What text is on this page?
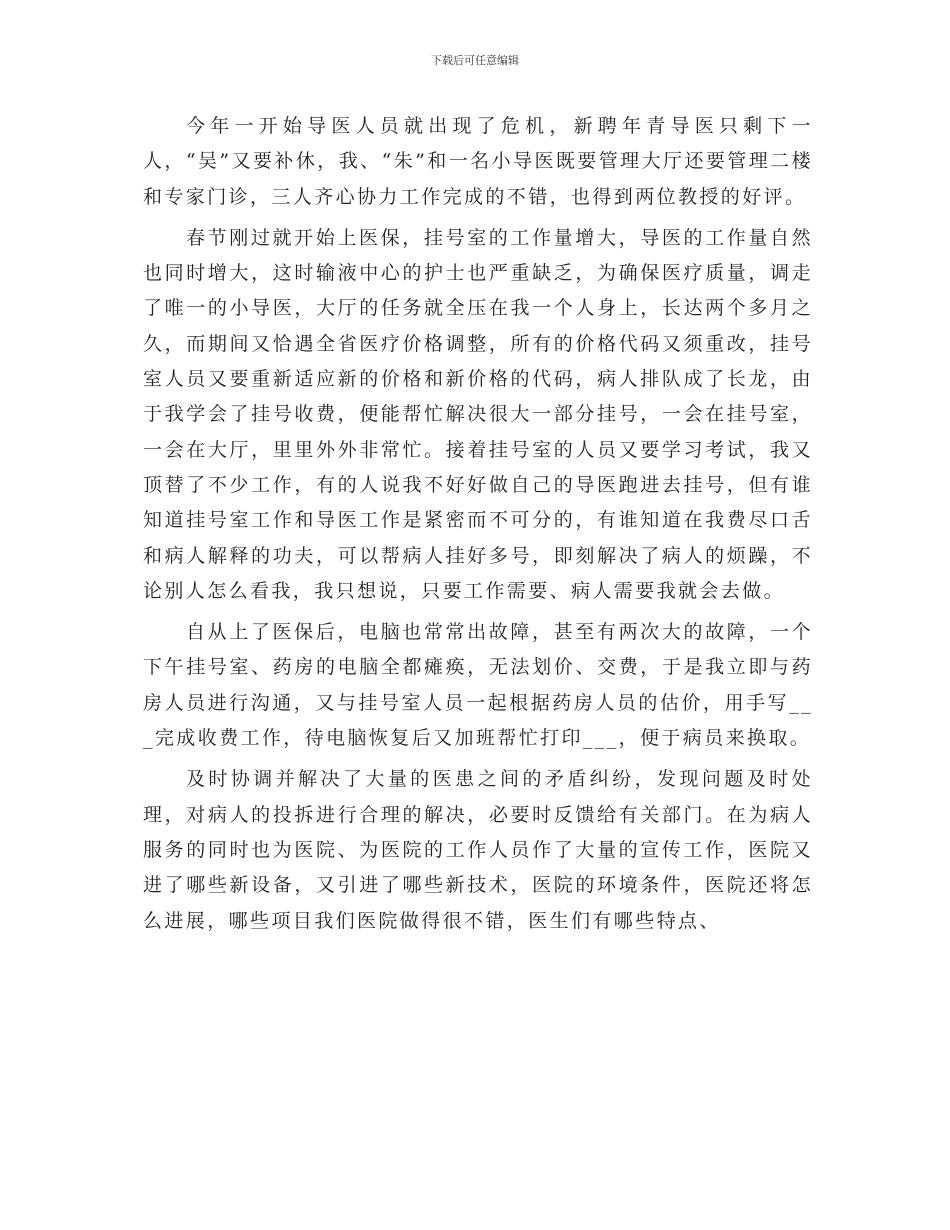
下载后可任意编辑

今年一开始导医人员就出现了危机，新聘年青导医只剩下一人，“吴”又要补休，我、“朱”和一名小导医既要管理大厅还要管理二楼和专家门诊，三人齐心协力工作完成的不错，也得到两位教授的好评。

春节刚过就开始上医保，挂号室的工作量增大，导医的工作量自然也同时增大，这时输液中心的护士也严重缺乏，为确保医疗质量，调走了唯一的小导医，大厅的任务就全压在我一个人身上，长达两个多月之久，而期间又恰遇全省医疗价格调整，所有的价格代码又须重改，挂号室人员又要重新适应新的价格和新价格的代码，病人排队成了长龙，由于我学会了挂号收费，便能帮忙解决很大一部分挂号，一会在挂号室，一会在大厅，里里外外非常忙。接着挂号室的人员又要学习考试，我又顶替了不少工作，有的人说我不好好做自己的导医跑进去挂号，但有谁知道挂号室工作和导医工作是紧密而不可分的，有谁知道在我费尽口舌和病人解释的功夫，可以帮病人挂好多号，即刻解决了病人的烦躁，不论别人怎么看我，我只想说，只要工作需要、病人需要我就会去做。

自从上了医保后，电脑也常常出故障，甚至有两次大的故障，一个下午挂号室、药房的电脑全都瘫痪，无法划价、交费，于是我立即与药房人员进行沟通，又与挂号室人员一起根据药房人员的估价，用手写___完成收费工作，待电脑恢复后又加班帮忙打印___，便于病员来换取。

及时协调并解决了大量的医患之间的矛盾纠纷，发现问题及时处理，对病人的投拆进行合理的解决，必要时反馈给有关部门。在为病人服务的同时也为医院、为医院的工作人员作了大量的宣传工作，医院又进了哪些新设备，又引进了哪些新技术，医院的环境条件，医院还将怎么进展，哪些项目我们医院做得很不错，医生们有哪些特点、
